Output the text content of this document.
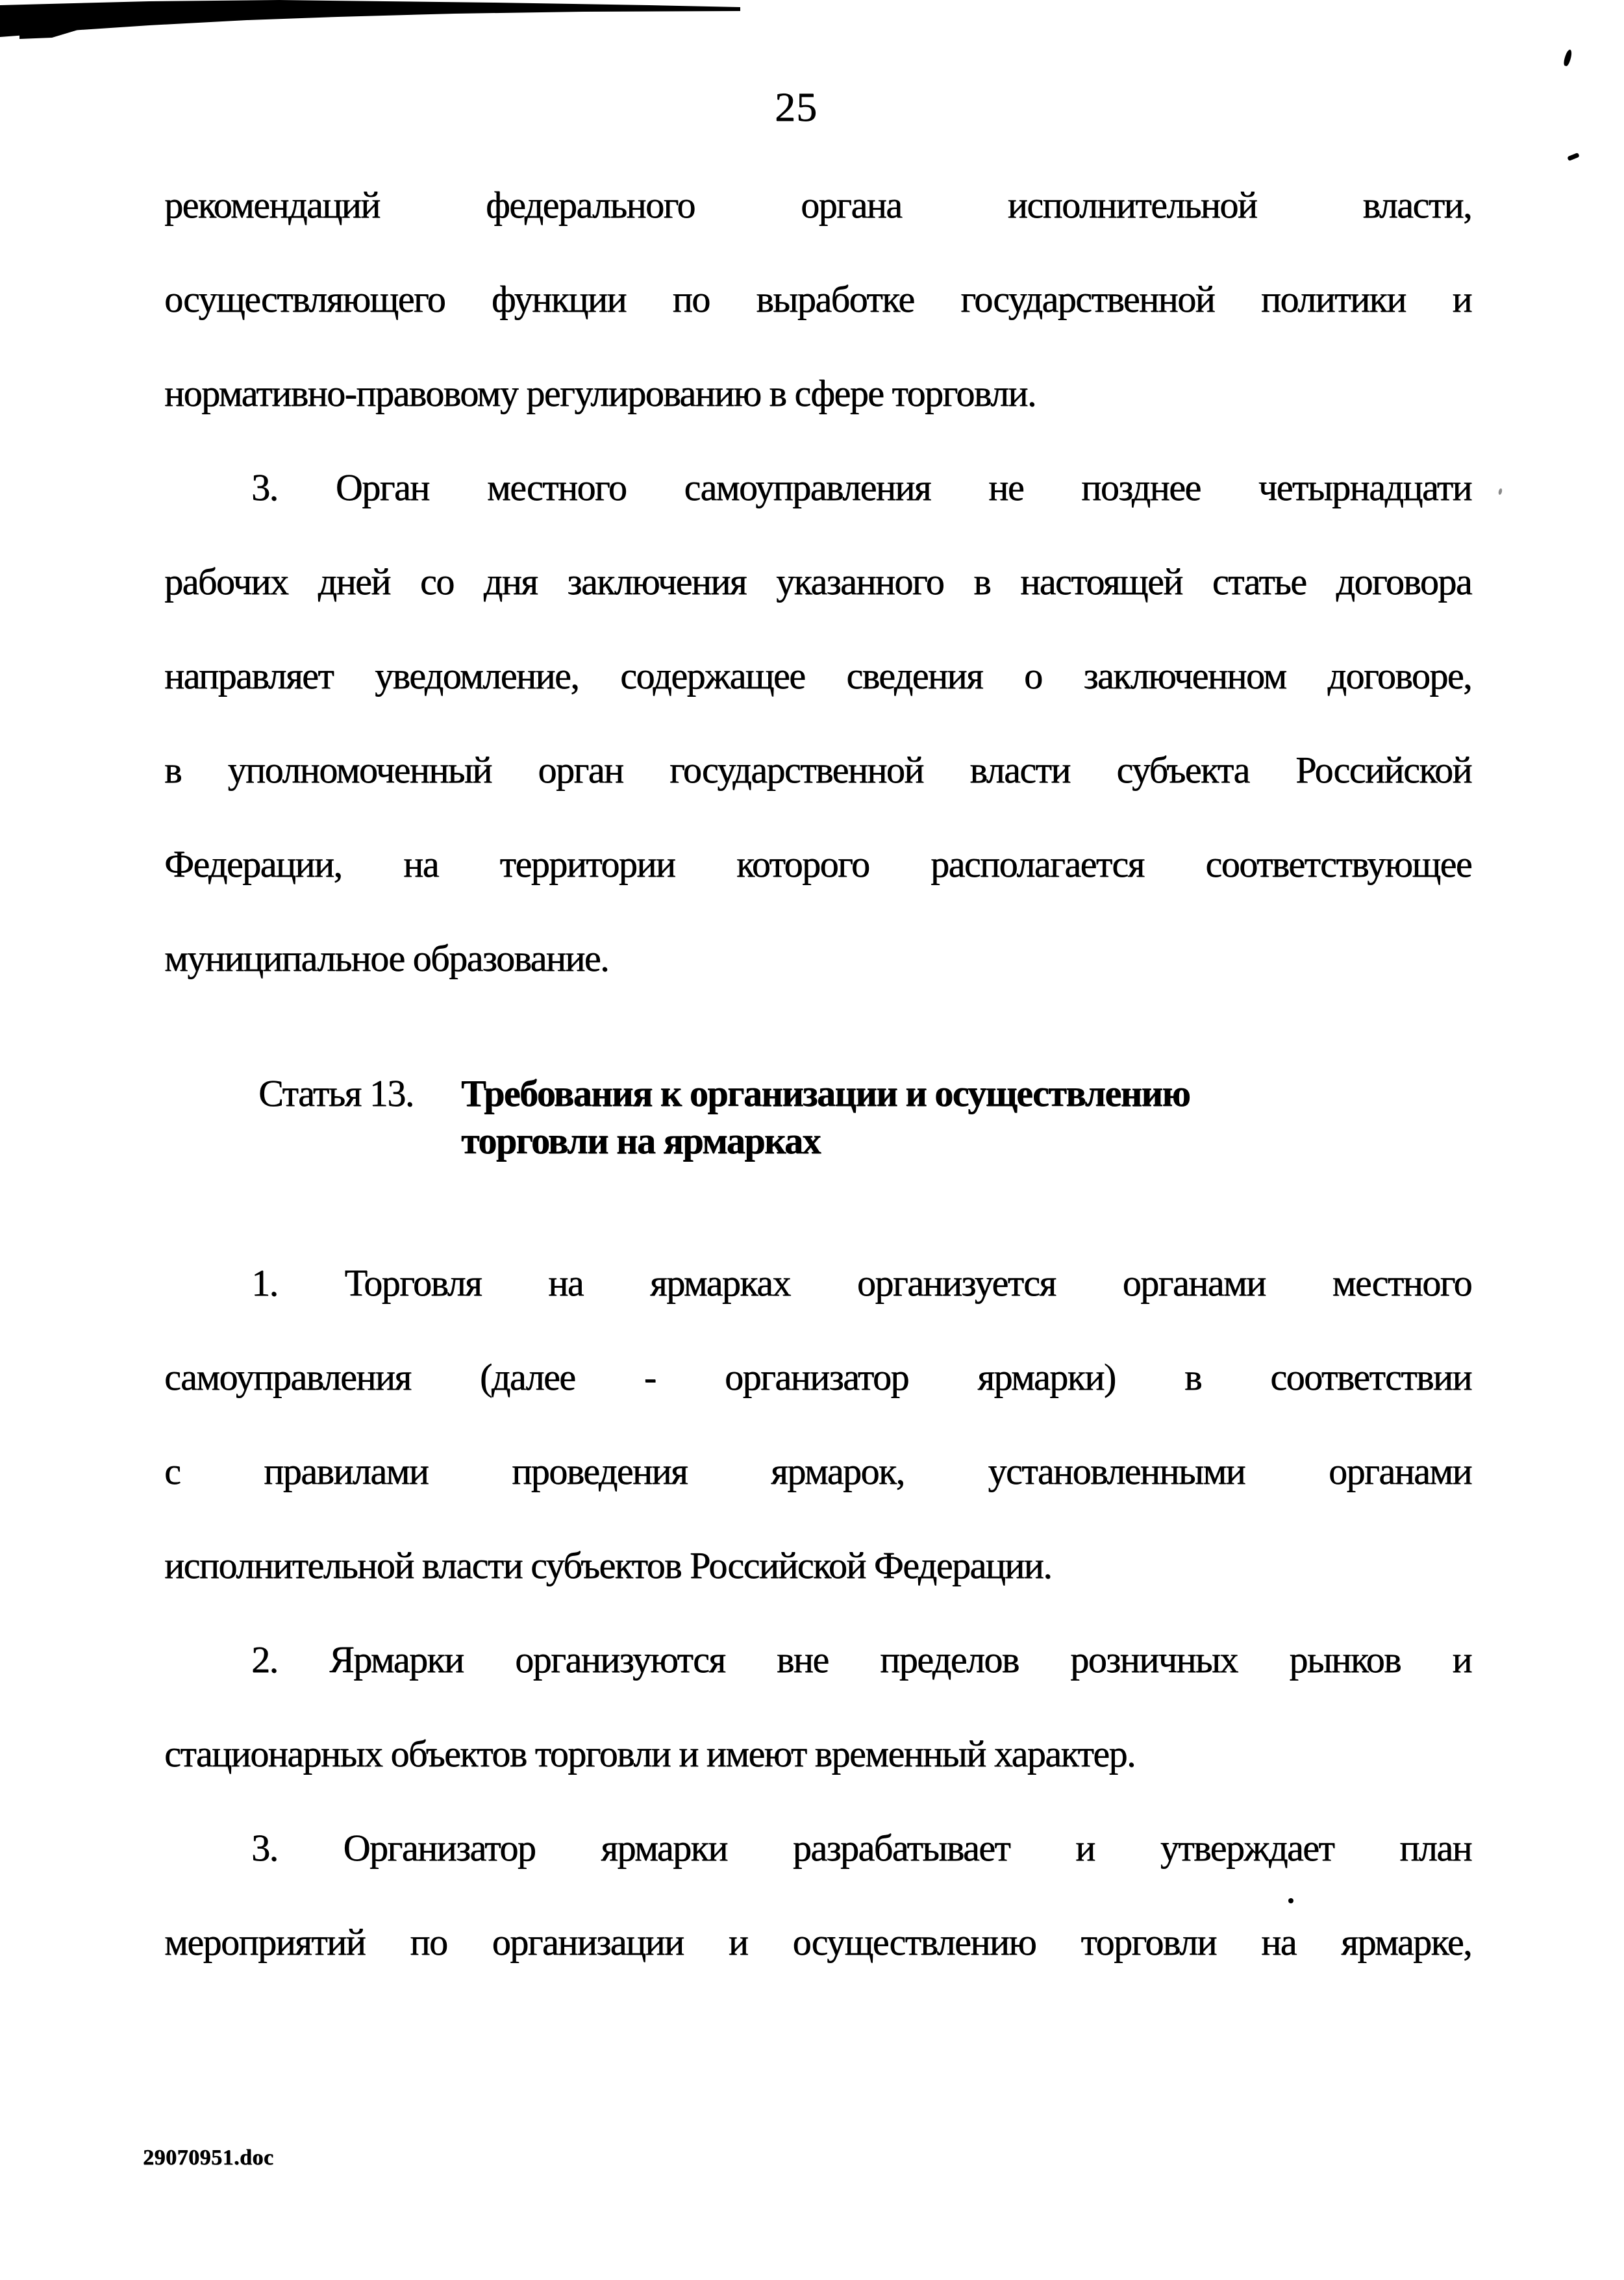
25
рекомендаций федерального органа исполнительной власти,
осуществляющего функции по выработке государственной политики и
нормативно-правовому регулированию в сфере торговли.
3. Орган местного самоуправления не позднее четырнадцати
рабочих дней со дня заключения указанного в настоящей статье договора
направляет уведомление, содержащее сведения о заключенном договоре,
в уполномоченный орган государственной власти субъекта Российской
Федерации, на территории которого располагается соответствующее
муниципальное образование.
Статья 13. Требования к организации и осуществлению
торговли на ярмарках
1. Торговля на ярмарках организуется органами местного
самоуправления (далее - организатор ярмарки) в соответствии
с правилами проведения ярмарок, установленными органами
исполнительной власти субъектов Российской Федерации.
2. Ярмарки организуются вне пределов розничных рынков и
стационарных объектов торговли и имеют временный характер.
3. Организатор ярмарки разрабатывает и утверждает план
мероприятий по организации и осуществлению торговли на ярмарке,
29070951.doc
